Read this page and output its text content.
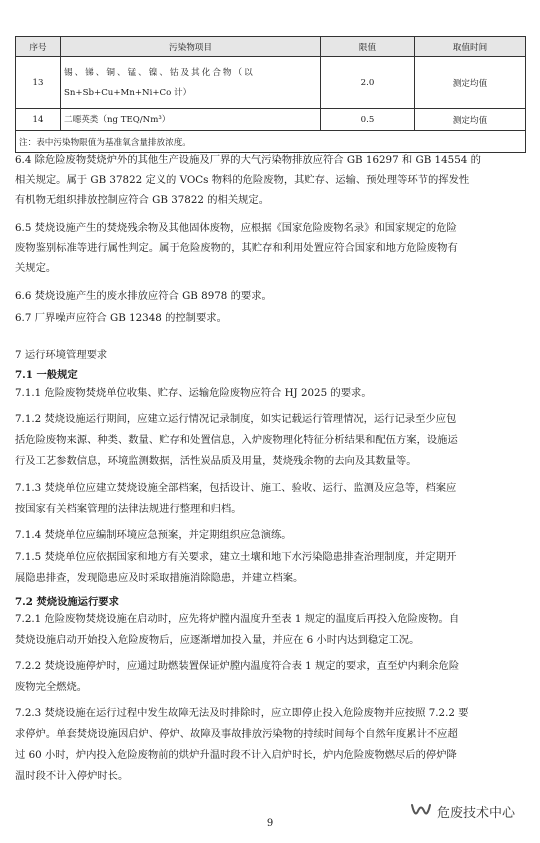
序号	污染物项目	限值	取值时间
13	锡、锑、铜、锰、镍、钴及其化合物（以
Sn+Sb+Cu+Mn+Ni+Co 计）	2.0	测定均值
14	二噁英类（ng TEQ/Nm³）	0.5	测定均值
注：表中污染物限值为基准氧含量排放浓度。			

6.4 除危险废物焚烧炉外的其他生产设施及厂界的大气污染物排放应符合 GB 16297 和 GB 14554 的

相关规定。属于 GB 37822 定义的 VOCs 物料的危险废物，其贮存、运输、预处理等环节的挥发性

有机物无组织排放控制应符合 GB 37822 的相关规定。

6.5 焚烧设施产生的焚烧残余物及其他固体废物，应根据《国家危险废物名录》和国家规定的危险

废物鉴别标准等进行属性判定。属于危险废物的，其贮存和利用处置应符合国家和地方危险废物有

关规定。

6.6 焚烧设施产生的废水排放应符合 GB 8978 的要求。

6.7 厂界噪声应符合 GB 12348 的控制要求。

7 运行环境管理要求

7.1 一般规定

7.1.1 危险废物焚烧单位收集、贮存、运输危险废物应符合 HJ 2025 的要求。

7.1.2 焚烧设施运行期间，应建立运行情况记录制度，如实记载运行管理情况，运行记录至少应包

括危险废物来源、种类、数量、贮存和处置信息，入炉废物理化特征分析结果和配伍方案，设施运

行及工艺参数信息，环境监测数据，活性炭品质及用量，焚烧残余物的去向及其数量等。

7.1.3 焚烧单位应建立焚烧设施全部档案，包括设计、施工、验收、运行、监测及应急等，档案应

按国家有关档案管理的法律法规进行整理和归档。

7.1.4 焚烧单位应编制环境应急预案，并定期组织应急演练。

7.1.5 焚烧单位应依据国家和地方有关要求，建立土壤和地下水污染隐患排查治理制度，并定期开

展隐患排查，发现隐患应及时采取措施消除隐患，并建立档案。

7.2 焚烧设施运行要求

7.2.1 危险废物焚烧设施在启动时，应先将炉膛内温度升至表 1 规定的温度后再投入危险废物。自

焚烧设施启动开始投入危险废物后，应逐渐增加投入量，并应在 6 小时内达到稳定工况。

7.2.2 焚烧设施停炉时，应通过助燃装置保证炉膛内温度符合表 1 规定的要求，直至炉内剩余危险

废物完全燃烧。

7.2.3 焚烧设施在运行过程中发生故障无法及时排除时，应立即停止投入危险废物并应按照 7.2.2 要

求停炉。单套焚烧设施因启炉、停炉、故障及事故排放污染物的持续时间每个自然年度累计不应超

过 60 小时，炉内投入危险废物前的烘炉升温时段不计入启炉时长，炉内危险废物燃尽后的停炉降

温时段不计入停炉时长。

9
危废技术中心
